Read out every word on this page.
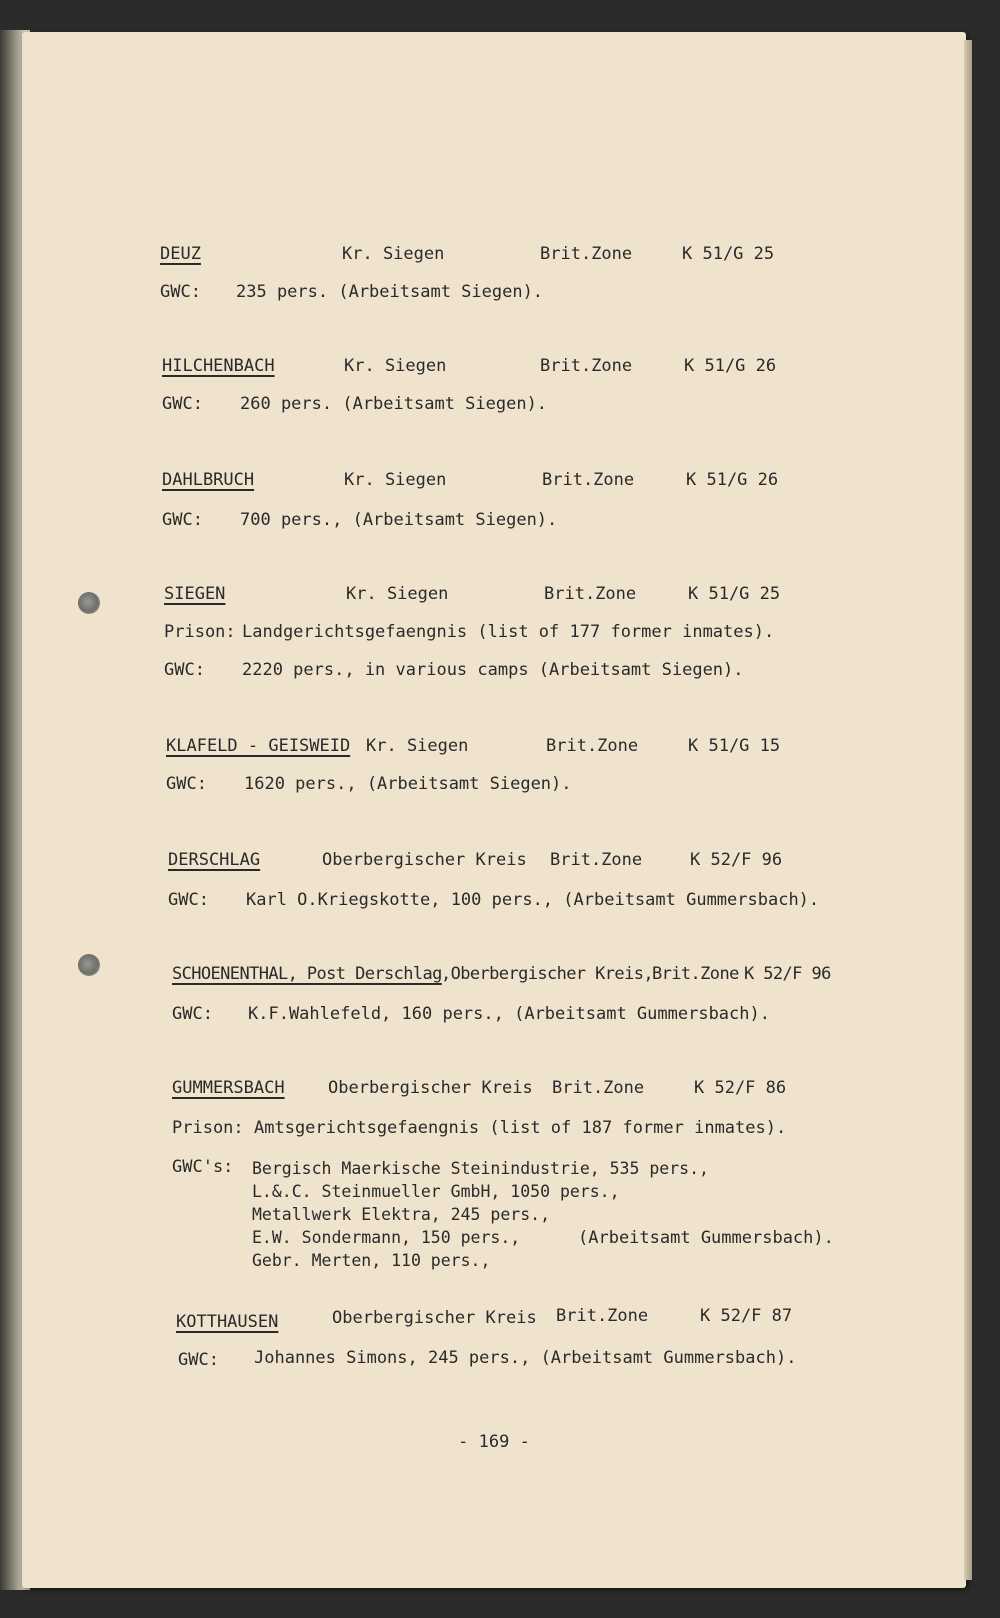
DEUZ	Kr. Siegen	Brit.Zone	K 51/G 25
GWC: 235 pers. (Arbeitsamt Siegen).
HILCHENBACH	Kr. Siegen	Brit.Zone	K 51/G 26
GWC: 260 pers. (Arbeitsamt Siegen).
DAHLBRUCH	Kr. Siegen	Brit.Zone	K 51/G 26
GWC: 700 pers., (Arbeitsamt Siegen).
SIEGEN	Kr. Siegen	Brit.Zone	K 51/G 25
Prison: Landgerichtsgefaengnis (list of 177 former inmates).
GWC: 2220 pers., in various camps (Arbeitsamt Siegen).
KLAFELD - GEISWEID Kr. Siegen	Brit.Zone	K 51/G 15
GWC: 1620 pers., (Arbeitsamt Siegen).
DERSCHLAG	Oberbergischer Kreis Brit.Zone	K 52/F 96
GWC: Karl O.Kriegskotte, 100 pers., (Arbeitsamt Gummersbach).
SCHOENENTHAL, Post Derschlag ,Oberbergischer Kreis, Brit.Zone K 52/F 96
GWC: K.F.Wahlefeld, 160 pers., (Arbeitsamt Gummersbach).
GUMMERSBACH	Oberbergischer Kreis Brit.Zone	K 52/F 86
Prison: Amtsgerichtsgefaengnis (list of 187 former inmates).
GWC's: Bergisch Maerkische Steinindustrie, 535 pers.,
L.&.C. Steinmueller GmbH, 1050 pers.,
Metallwerk Elektra, 245 pers.,
E.W. Sondermann, 150 pers.,
Gebr. Merten, 110 pers.,
(Arbeitsamt Gummersbach).
KOTTHAUSEN	Oberbergischer Kreis Brit.Zone	K 52/F 87
GWC: Johannes Simons, 245 pers., (Arbeitsamt Gummersbach).
- 169 -
